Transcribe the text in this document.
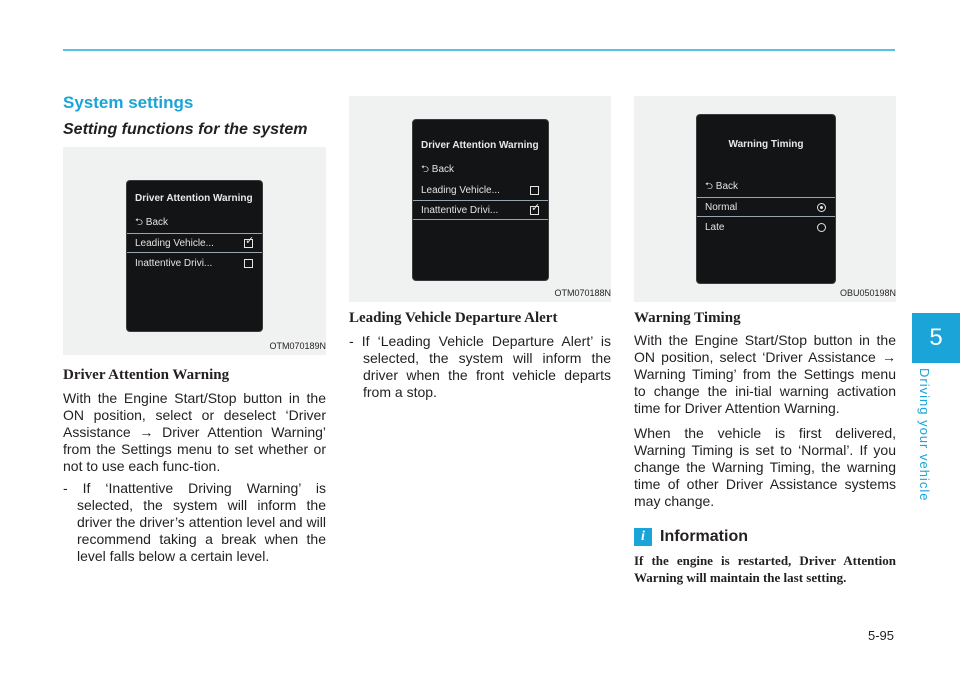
5
Driving your vehicle
System settings
Setting functions for the system
Driver Attention Warning
⮌ Back
Leading Vehicle...
✓
Inattentive Drivi...
OTM070189N
Driver Attention Warning

With the Engine Start/Stop button in the ON position, select or deselect ‘Driver Assistance → Driver Attention Warning’ from the Settings menu to set whether or not to use each func-tion.

- If ‘Inattentive Driving Warning’ is selected, the system will inform the driver the driver’s attention level and will recommend taking a break when the level falls below a certain level.

Driver Attention Warning
⮌ Back
Leading Vehicle...
Inattentive Drivi...
✓
OTM070188N
Leading Vehicle Departure Alert

- If ‘Leading Vehicle Departure Alert’ is selected, the system will inform the driver when the front vehicle departs from a stop.

Warning Timing
⮌ Back
Normal
Late
OBU050198N
Warning Timing

With the Engine Start/Stop button in the ON position, select ‘Driver Assistance → Warning Timing’ from the Settings menu to change the ini-tial warning activation time for Driver Attention Warning.

When the vehicle is first delivered, Warning Timing is set to ‘Normal’. If you change the Warning Timing, the warning time of other Driver Assistance systems may change.

i Information
If the engine is restarted, Driver Attention Warning will maintain the last setting.
5-95
